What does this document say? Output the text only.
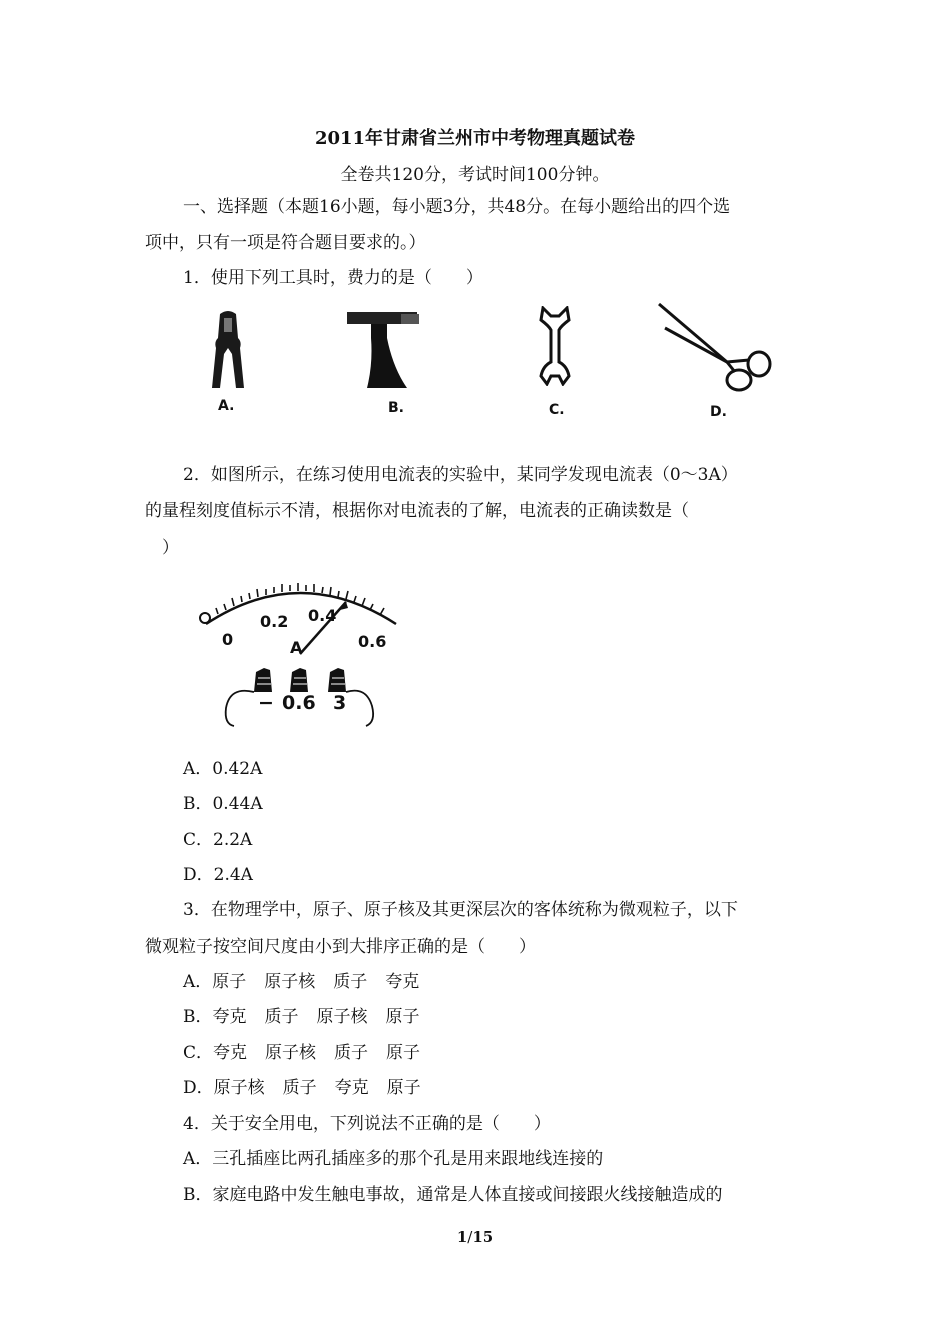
2011年甘肃省兰州市中考物理真题试卷
全卷共120分，考试时间100分钟。
一、选择题（本题16小题，每小题3分，共48分。在每小题给出的四个选
项中，只有一项是符合题目要求的。）
1．使用下列工具时，费力的是（　　）
A.	B.	C.	D.
2．如图所示，在练习使用电流表的实验中，某同学发现电流表（0～3A）
的量程刻度值标示不清，根据你对电流表的了解，电流表的正确读数是（
）
0
0.2 0.4
0.6
A
− 0.6 3
A．0.42A
B．0.44A
C．2.2A
D．2.4A
3．在物理学中，原子、原子核及其更深层次的客体统称为微观粒子，以下
微观粒子按空间尺度由小到大排序正确的是（　　）
A．原子 原子核 质子 夸克
B．夸克 质子 原子核 原子
C．夸克 原子核 质子 原子
D．原子核 质子 夸克 原子
4．关于安全用电，下列说法不正确的是（　　）
A．三孔插座比两孔插座多的那个孔是用来跟地线连接的
B．家庭电路中发生触电事故，通常是人体直接或间接跟火线接触造成的
1/15
